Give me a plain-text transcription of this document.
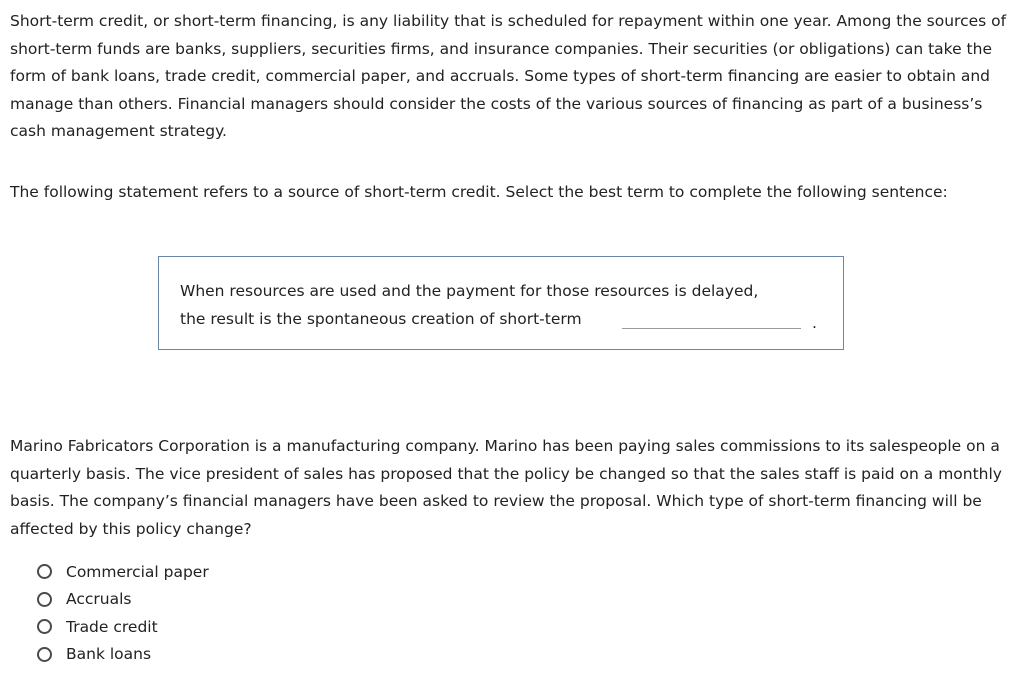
Short-term credit, or short-term financing, is any liability that is scheduled for repayment within one year. Among the sources of short-term funds are banks, suppliers, securities firms, and insurance companies. Their securities (or obligations) can take the form of bank loans, trade credit, commercial paper, and accruals. Some types of short-term financing are easier to obtain and manage than others. Financial managers should consider the costs of the various sources of financing as part of a business’s cash management strategy.

The following statement refers to a source of short-term credit. Select the best term to complete the following sentence:

When resources are used and the payment for those resources is delayed,
the result is the spontaneous creation of short-term	.

Marino Fabricators Corporation is a manufacturing company. Marino has been paying sales commissions to its salespeople on a quarterly basis. The vice president of sales has proposed that the policy be changed so that the sales staff is paid on a monthly basis. The company’s financial managers have been asked to review the proposal. Which type of short-term financing will be affected by this policy change?

Commercial paper
Accruals
Trade credit
Bank loans
